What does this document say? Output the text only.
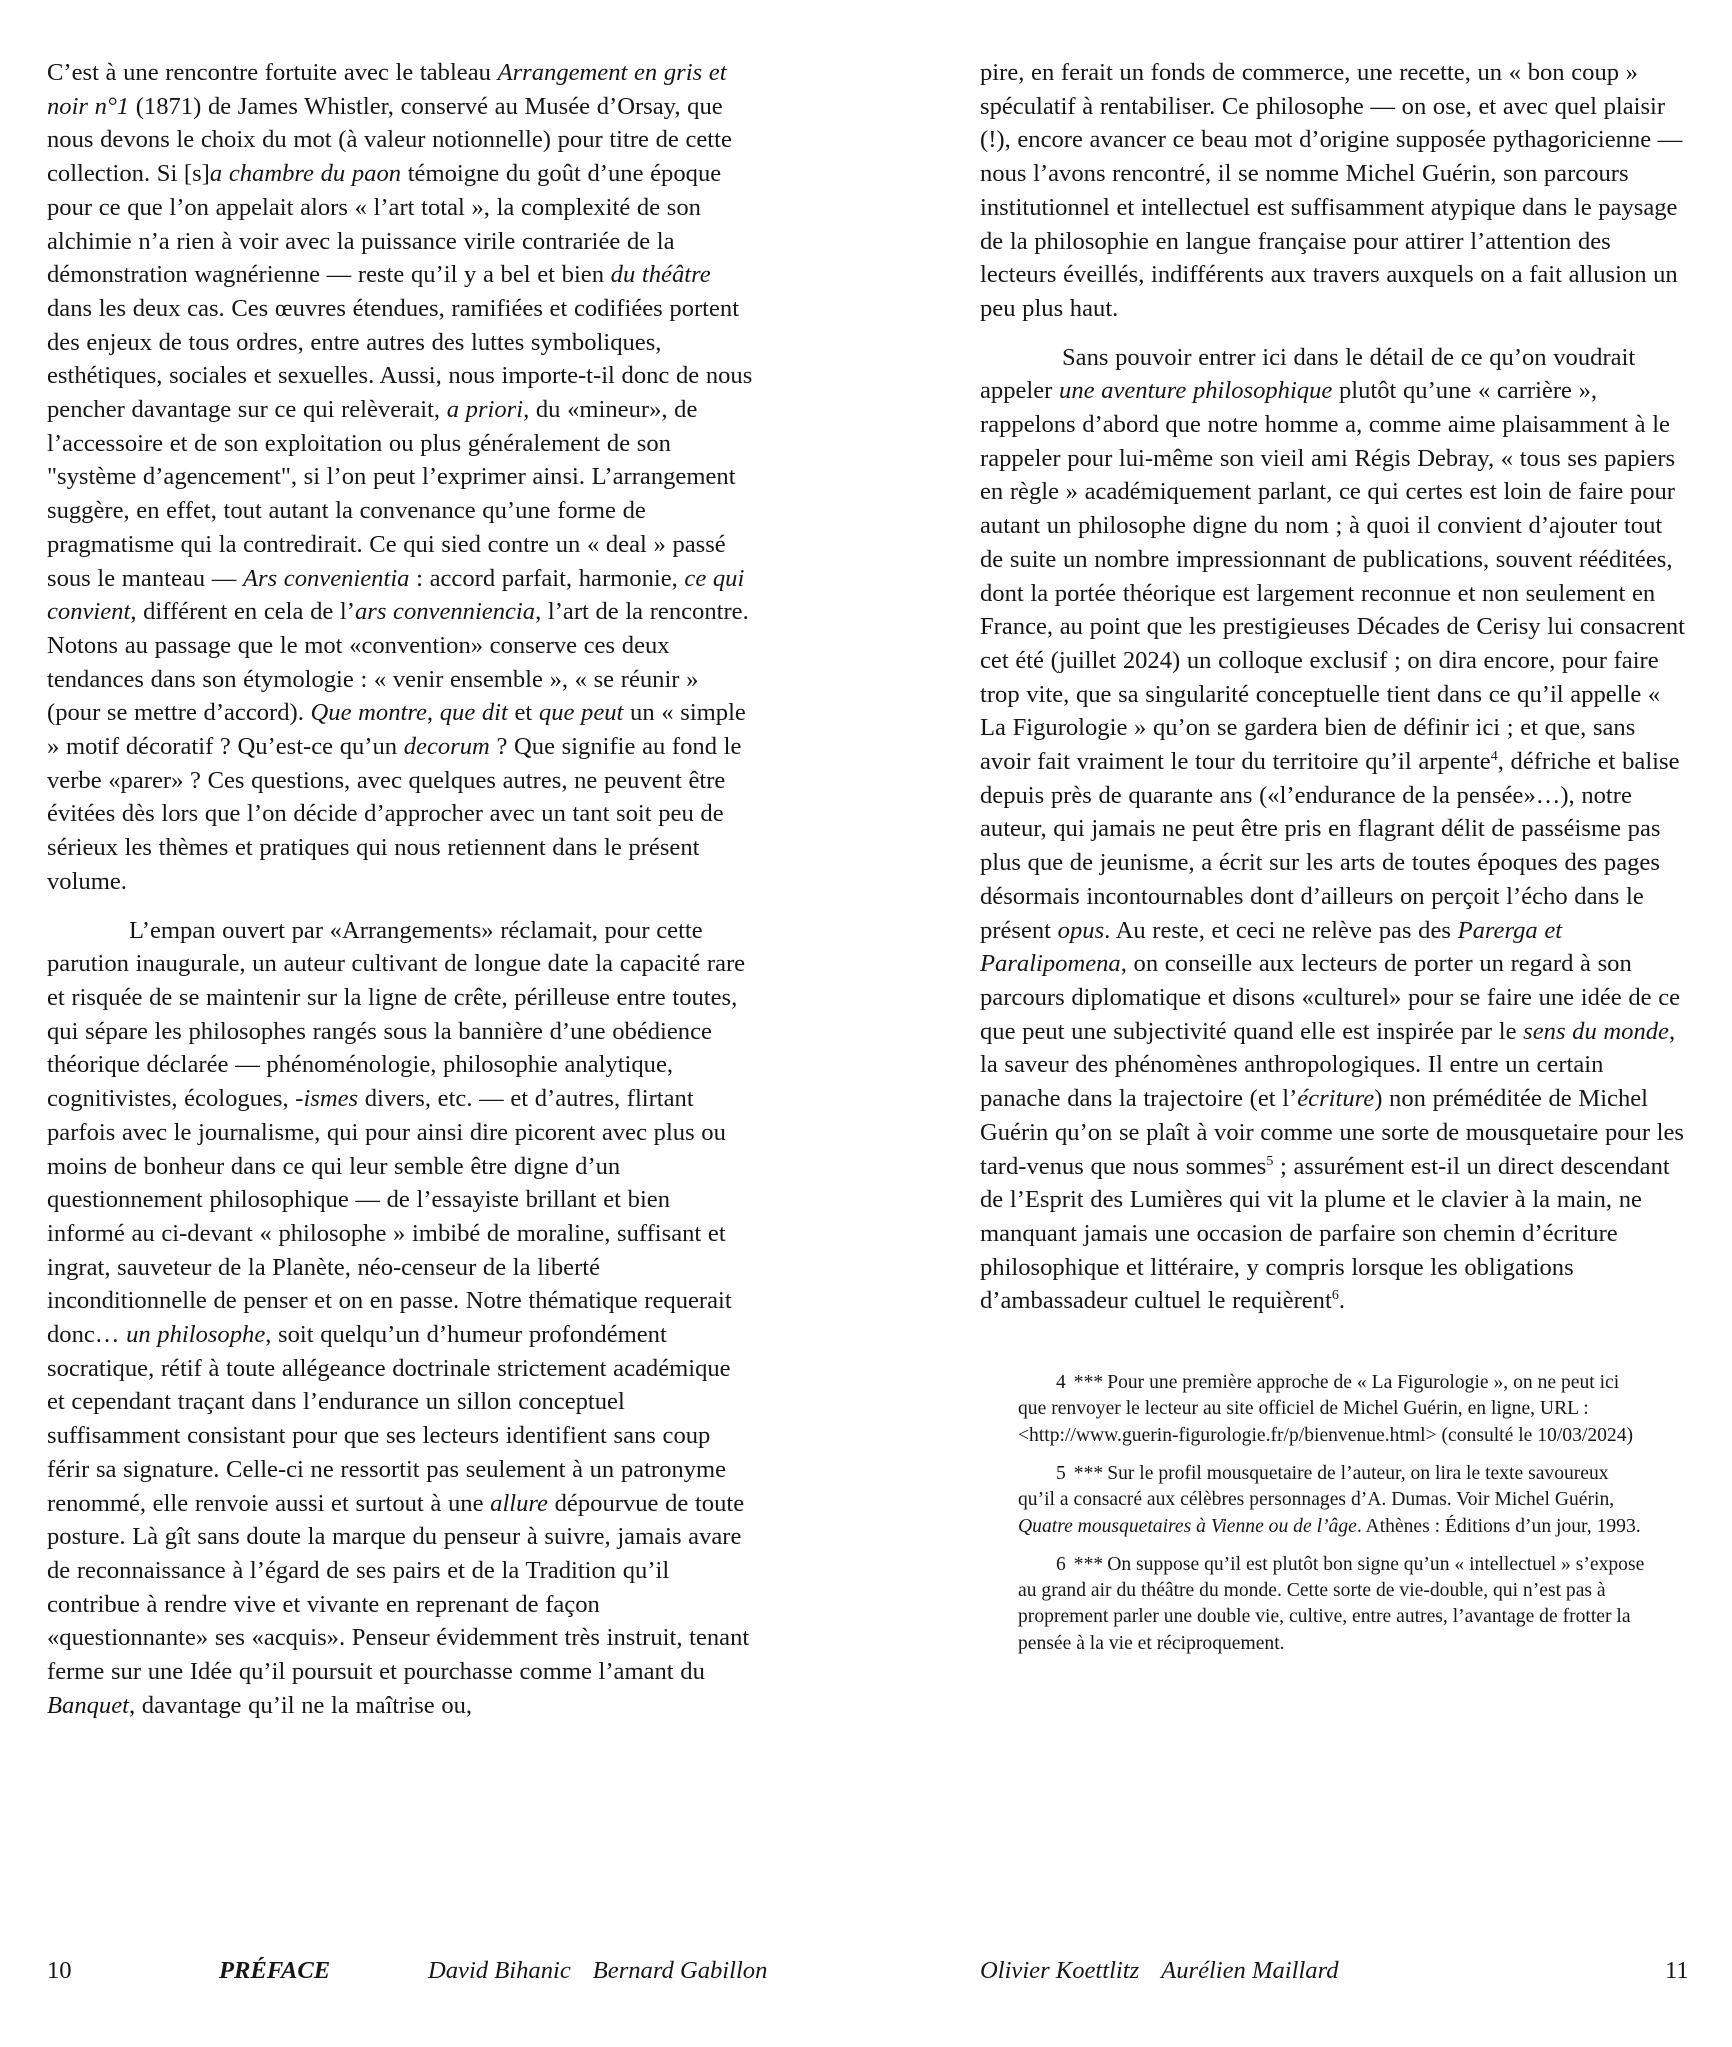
C’est à une rencontre fortuite avec le tableau Arrangement en gris et noir n°1 (1871) de James Whistler, conservé au Musée d’Orsay, que nous devons le choix du mot (à valeur notionnelle) pour titre de cette collection. Si [s]a chambre du paon témoigne du goût d’une époque pour ce que l’on appelait alors « l’art total », la complexité de son alchimie n’a rien à voir avec la puissance virile contrariée de la démonstration wagnérienne — reste qu’il y a bel et bien du théâtre dans les deux cas. Ces œuvres étendues, ramifiées et codifiées portent des enjeux de tous ordres, entre autres des luttes symboliques, esthétiques, sociales et sexuelles. Aussi, nous importe-t-il donc de nous pencher davantage sur ce qui relèverait, a priori, du «mineur», de l’accessoire et de son exploitation ou plus généralement de son "système d’agencement", si l’on peut l’exprimer ainsi. L’arrangement suggère, en effet, tout autant la convenance qu’une forme de pragmatisme qui la contredirait. Ce qui sied contre un « deal » passé sous le manteau — Ars convenientia : accord parfait, harmonie, ce qui convient, différent en cela de l’ars convenniencia, l’art de la rencontre. Notons au passage que le mot «convention» conserve ces deux tendances dans son étymologie : « venir ensemble », « se réunir » (pour se mettre d’accord). Que montre, que dit et que peut un « simple » motif décoratif ? Qu’est-ce qu’un decorum ? Que signifie au fond le verbe «parer» ? Ces questions, avec quelques autres, ne peuvent être évitées dès lors que l’on décide d’approcher avec un tant soit peu de sérieux les thèmes et pratiques qui nous retiennent dans le présent volume.

L’empan ouvert par «Arrangements» réclamait, pour cette parution inaugurale, un auteur cultivant de longue date la capacité rare et risquée de se maintenir sur la ligne de crête, périlleuse entre toutes, qui sépare les philosophes rangés sous la bannière d’une obédience théorique déclarée — phénoménologie, philosophie analytique, cognitivistes, écologues, -ismes divers, etc. — et d’autres, flirtant parfois avec le journalisme, qui pour ainsi dire picorent avec plus ou moins de bonheur dans ce qui leur semble être digne d’un questionnement philosophique — de l’essayiste brillant et bien informé au ci-devant « philosophe » imbibé de moraline, suffisant et ingrat, sauveteur de la Planète, néo-censeur de la liberté inconditionnelle de penser et on en passe. Notre thématique requerait donc… un philosophe, soit quelqu’un d’humeur profondément socratique, rétif à toute allégeance doctrinale strictement académique et cependant traçant dans l’endurance un sillon conceptuel suffisamment consistant pour que ses lecteurs identifient sans coup férir sa signature. Celle-ci ne ressortit pas seulement à un patronyme renommé, elle renvoie aussi et surtout à une allure dépourvue de toute posture. Là gît sans doute la marque du penseur à suivre, jamais avare de reconnaissance à l’égard de ses pairs et de la Tradition qu’il contribue à rendre vive et vivante en reprenant de façon «questionnante» ses «acquis». Penseur évidemment très instruit, tenant ferme sur une Idée qu’il poursuit et pourchasse comme l’amant du Banquet, davantage qu’il ne la maîtrise ou,

pire, en ferait un fonds de commerce, une recette, un « bon coup » spéculatif à rentabiliser. Ce philosophe — on ose, et avec quel plaisir (!), encore avancer ce beau mot d’origine supposée pythagoricienne — nous l’avons rencontré, il se nomme Michel Guérin, son parcours institutionnel et intellectuel est suffisamment atypique dans le paysage de la philosophie en langue française pour attirer l’attention des lecteurs éveillés, indifférents aux travers auxquels on a fait allusion un peu plus haut.

Sans pouvoir entrer ici dans le détail de ce qu’on voudrait appeler une aventure philosophique plutôt qu’une « carrière », rappelons d’abord que notre homme a, comme aime plaisamment à le rappeler pour lui-même son vieil ami Régis Debray, « tous ses papiers en règle » académiquement parlant, ce qui certes est loin de faire pour autant un philosophe digne du nom ; à quoi il convient d’ajouter tout de suite un nombre impressionnant de publications, souvent rééditées, dont la portée théorique est largement reconnue et non seulement en France, au point que les prestigieuses Décades de Cerisy lui consacrent cet été (juillet 2024) un colloque exclusif ; on dira encore, pour faire trop vite, que sa singularité conceptuelle tient dans ce qu’il appelle « La Figurologie » qu’on se gardera bien de définir ici ; et que, sans avoir fait vraiment le tour du territoire qu’il arpente$^4$, défriche et balise depuis près de quarante ans («l’endurance de la pensée»…), notre auteur, qui jamais ne peut être pris en flagrant délit de passéisme pas plus que de jeunisme, a écrit sur les arts de toutes époques des pages désormais incontournables dont d’ailleurs on perçoit l’écho dans le présent opus. Au reste, et ceci ne relève pas des Parerga et Paralipomena, on conseille aux lecteurs de porter un regard à son parcours diplomatique et disons «culturel» pour se faire une idée de ce que peut une subjectivité quand elle est inspirée par le sens du monde, la saveur des phénomènes anthropologiques. Il entre un certain panache dans la trajectoire (et l’écriture) non préméditée de Michel Guérin qu’on se plaît à voir comme une sorte de mousquetaire pour les tard-venus que nous sommes$^5$ ; assurément est-il un direct descendant de l’Esprit des Lumières qui vit la plume et le clavier à la main, ne manquant jamais une occasion de parfaire son chemin d’écriture philosophique et littéraire, y compris lorsque les obligations d’ambassadeur cultuel le requièrent$^6$.

4 *** Pour une première approche de « La Figurologie », on ne peut ici que renvoyer le lecteur au site officiel de Michel Guérin, en ligne, URL : <http://www.guerin-figurologie.fr/p/bienvenue.html> (consulté le 10/03/2024)

5 *** Sur le profil mousquetaire de l’auteur, on lira le texte savoureux qu’il a consacré aux célèbres personnages d’A. Dumas. Voir Michel Guérin, Quatre mousquetaires à Vienne ou de l’âge. Athènes : Éditions d’un jour, 1993.

6 *** On suppose qu’il est plutôt bon signe qu’un « intellectuel » s’expose au grand air du théâtre du monde. Cette sorte de vie-double, qui n’est pas à proprement parler une double vie, cultive, entre autres, l’avantage de frotter la pensée à la vie et réciproquement.

10	PRÉFACE	David Bihanic Bernard Gabillon	Olivier Koettlitz Aurélien Maillard	11
